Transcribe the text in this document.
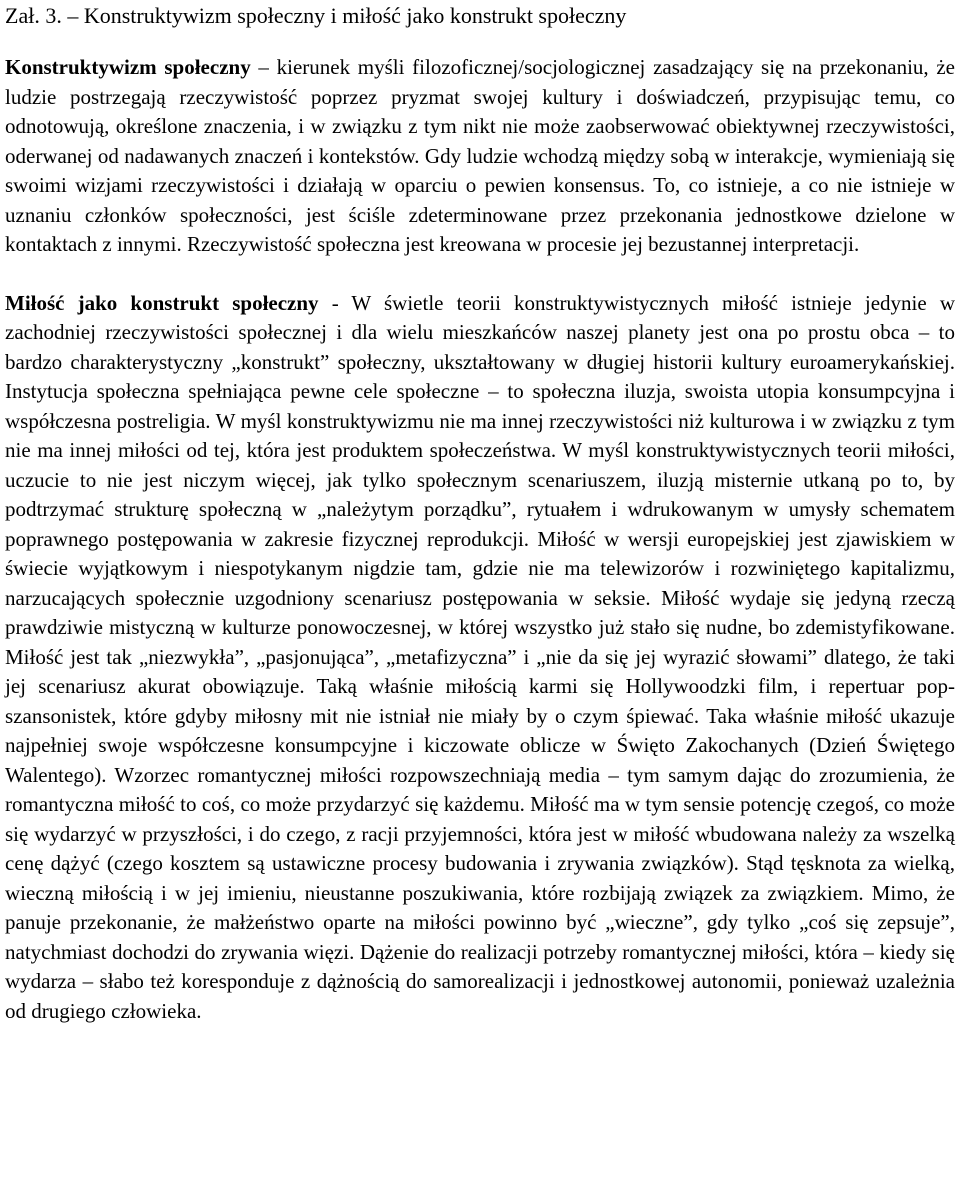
Zał. 3. – Konstruktywizm społeczny i miłość jako konstrukt społeczny

Konstruktywizm społeczny – kierunek myśli filozoficznej/socjologicznej zasadzający się na przekonaniu, że ludzie postrzegają rzeczywistość poprzez pryzmat swojej kultury i doświadczeń, przypisując temu, co odnotowują, określone znaczenia, i w związku z tym nikt nie może zaobserwować obiektywnej rzeczywistości, oderwanej od nadawanych znaczeń i kontekstów. Gdy ludzie wchodzą między sobą w interakcje, wymieniają się swoimi wizjami rzeczywistości i działają w oparciu o pewien konsensus. To, co istnieje, a co nie istnieje w uznaniu członków społeczności, jest ściśle zdeterminowane przez przekonania jednostkowe dzielone w kontaktach z innymi. Rzeczywistość społeczna jest kreowana w procesie jej bezustannej interpretacji.

Miłość jako konstrukt społeczny - W świetle teorii konstruktywistycznych miłość istnieje jedynie w zachodniej rzeczywistości społecznej i dla wielu mieszkańców naszej planety jest ona po prostu obca – to bardzo charakterystyczny „konstrukt” społeczny, ukształtowany w długiej historii kultury euroamerykańskiej. Instytucja społeczna spełniająca pewne cele społeczne – to społeczna iluzja, swoista utopia konsumpcyjna i współczesna postreligia. W myśl konstruktywizmu nie ma innej rzeczywistości niż kulturowa i w związku z tym nie ma innej miłości od tej, która jest produktem społeczeństwa. W myśl konstruktywistycznych teorii miłości, uczucie to nie jest niczym więcej, jak tylko społecznym scenariuszem, iluzją misternie utkaną po to, by podtrzymać strukturę społeczną w „należytym porządku”, rytuałem i wdrukowanym w umysły schematem poprawnego postępowania w zakresie fizycznej reprodukcji. Miłość w wersji europejskiej jest zjawiskiem w świecie wyjątkowym i niespotykanym nigdzie tam, gdzie nie ma telewizorów i rozwiniętego kapitalizmu, narzucających społecznie uzgodniony scenariusz postępowania w seksie. Miłość wydaje się jedyną rzeczą prawdziwie mistyczną w kulturze ponowoczesnej, w której wszystko już stało się nudne, bo zdemistyfikowane. Miłość jest tak „niezwykła”, „pasjonująca”, „metafizyczna” i „nie da się jej wyrazić słowami” dlatego, że taki jej scenariusz akurat obowiązuje. Taką właśnie miłością karmi się Hollywoodzki film, i repertuar pop-szansonistek, które gdyby miłosny mit nie istniał nie miały by o czym śpiewać. Taka właśnie miłość ukazuje najpełniej swoje współczesne konsumpcyjne i kiczowate oblicze w Święto Zakochanych (Dzień Świętego Walentego). Wzorzec romantycznej miłości rozpowszechniają media – tym samym dając do zrozumienia, że romantyczna miłość to coś, co może przydarzyć się każdemu. Miłość ma w tym sensie potencję czegoś, co może się wydarzyć w przyszłości, i do czego, z racji przyjemności, która jest w miłość wbudowana należy za wszelką cenę dążyć (czego kosztem są ustawiczne procesy budowania i zrywania związków). Stąd tęsknota za wielką, wieczną miłością i w jej imieniu, nieustanne poszukiwania, które rozbijają związek za związkiem. Mimo, że panuje przekonanie, że małżeństwo oparte na miłości powinno być „wieczne”, gdy tylko „coś się zepsuje”, natychmiast dochodzi do zrywania więzi. Dążenie do realizacji potrzeby romantycznej miłości, która – kiedy się wydarza – słabo też koresponduje z dążnością do samorealizacji i jednostkowej autonomii, ponieważ uzależnia od drugiego człowieka.
